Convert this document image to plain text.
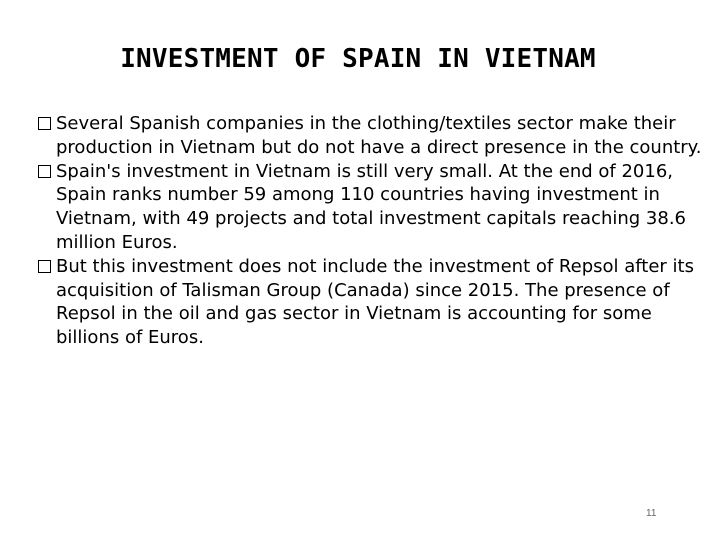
INVESTMENT OF SPAIN IN VIETNAM
Several Spanish companies in the clothing/textiles sector make their production in Vietnam but do not have a direct presence in the country.
Spain's investment in Vietnam is still very small. At the end of 2016, Spain ranks number 59 among 110 countries having investment in Vietnam, with 49 projects and total investment capitals reaching 38.6 million Euros.
But this investment does not include the investment of Repsol after its acquisition of Talisman Group (Canada) since 2015. The presence of Repsol in the oil and gas sector in Vietnam is accounting for some billions of Euros.
11
